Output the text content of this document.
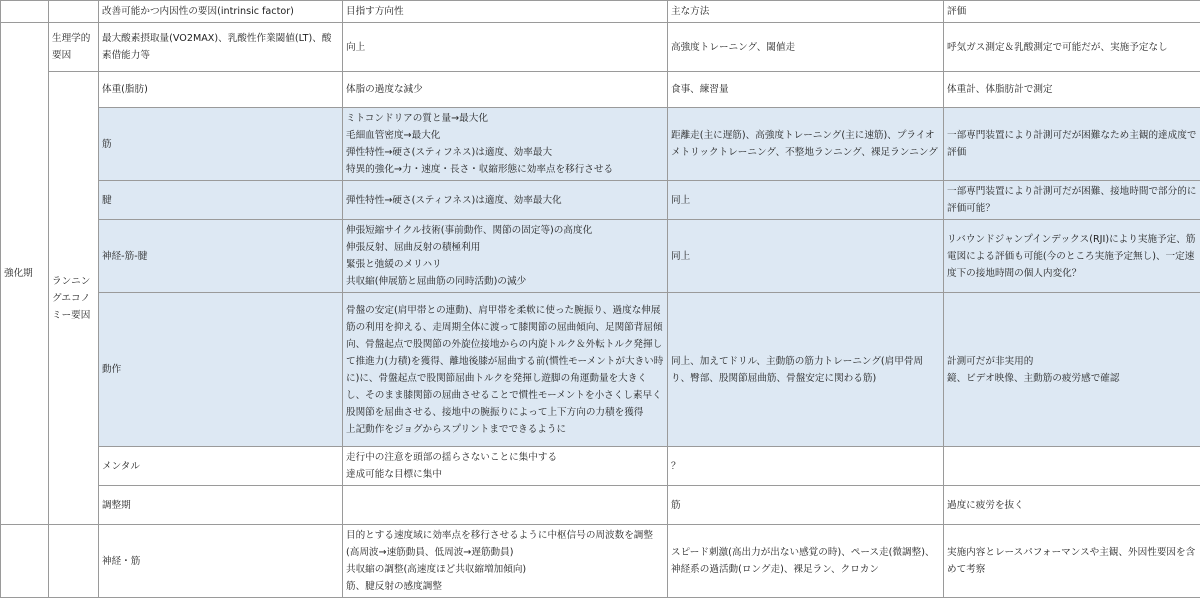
		改善可能かつ内因性の要因(intrinsic factor)	目指す方向性	主な方法	評価	
強化期	生理学的要因	最大酸素摂取量(VO2MAX)、乳酸性作業閾値(LT)、酸素借能力等	向上	高強度トレーニング、閾値走	呼気ガス測定＆乳酸測定で可能だが、実施予定なし	
	ランニングエコノミー要因	体重(脂肪)	体脂の過度な減少	食事、練習量	体重計、体脂肪計で測定	
		筋	ミトコンドリアの質と量→最大化
毛細血管密度→最大化
弾性特性→硬さ(スティフネス)は適度、効率最大
特異的強化→力・速度・長さ・収縮形態に効率点を移行させる	距離走(主に遅筋)、高強度トレーニング(主に速筋)、プライオメトリックトレーニング、不整地ランニング、裸足ランニング	一部専門装置により計測可だが困難なため主観的達成度で評価	
		腱	弾性特性→硬さ(スティフネス)は適度、効率最大化	同上	一部専門装置により計測可だが困難、接地時間で部分的に評価可能？	
		神経-筋-腱	伸張短縮サイクル技術(事前動作、関節の固定等)の高度化
伸張反射、屈曲反射の積極利用
緊張と弛緩のメリハリ
共収縮(伸展筋と屈曲筋の同時活動)の減少	同上	リバウンドジャンプインデックス(RJI)により実施予定、筋電図による評価も可能(今のところ実施予定無し)、一定速度下の接地時間の個人内変化？	
		動作	骨盤の安定(肩甲帯との連動)、肩甲帯を柔軟に使った腕振り、過度な伸展筋の利用を抑える、走周期全体に渡って膝関節の屈曲傾向、足関節背屈傾向、骨盤起点で股関節の外旋位接地からの内旋トルク＆外転トルク発揮して推進力(力積)を獲得、離地後膝が屈曲する前(慣性モーメントが大きい時に)に、骨盤起点で股関節屈曲トルクを発揮し遊脚の角運動量を大きくし、そのまま膝関節の屈曲させることで慣性モーメントを小さくし素早く股関節を屈曲させる、接地中の腕振りによって上下方向の力積を獲得
上記動作をジョグからスプリントまでできるように	同上、加えてドリル、主動筋の筋力トレーニング(肩甲骨周り、臀部、股関節屈曲筋、骨盤安定に関わる筋)	計測可だが非実用的
鏡、ビデオ映像、主動筋の疲労感で確認	

		メンタル	走行中の注意を頭部の揺らさないことに集中する
達成可能な目標に集中	？		
		調整期		筋	過度に疲労を抜く		
		神経・筋	目的とする速度域に効率点を移行させるように中枢信号の周波数を調整(高周波→速筋動員、低周波→遅筋動員)
共収縮の調整(高速度ほど共収縮増加傾向)
筋、腱反射の感度調整	スピード刺激(高出力が出ない感覚の時)、ペース走(微調整)、神経系の過活動(ロング走)、裸足ラン、クロカン	実施内容とレースパフォーマンスや主観、外因性要因を含めて考察	
